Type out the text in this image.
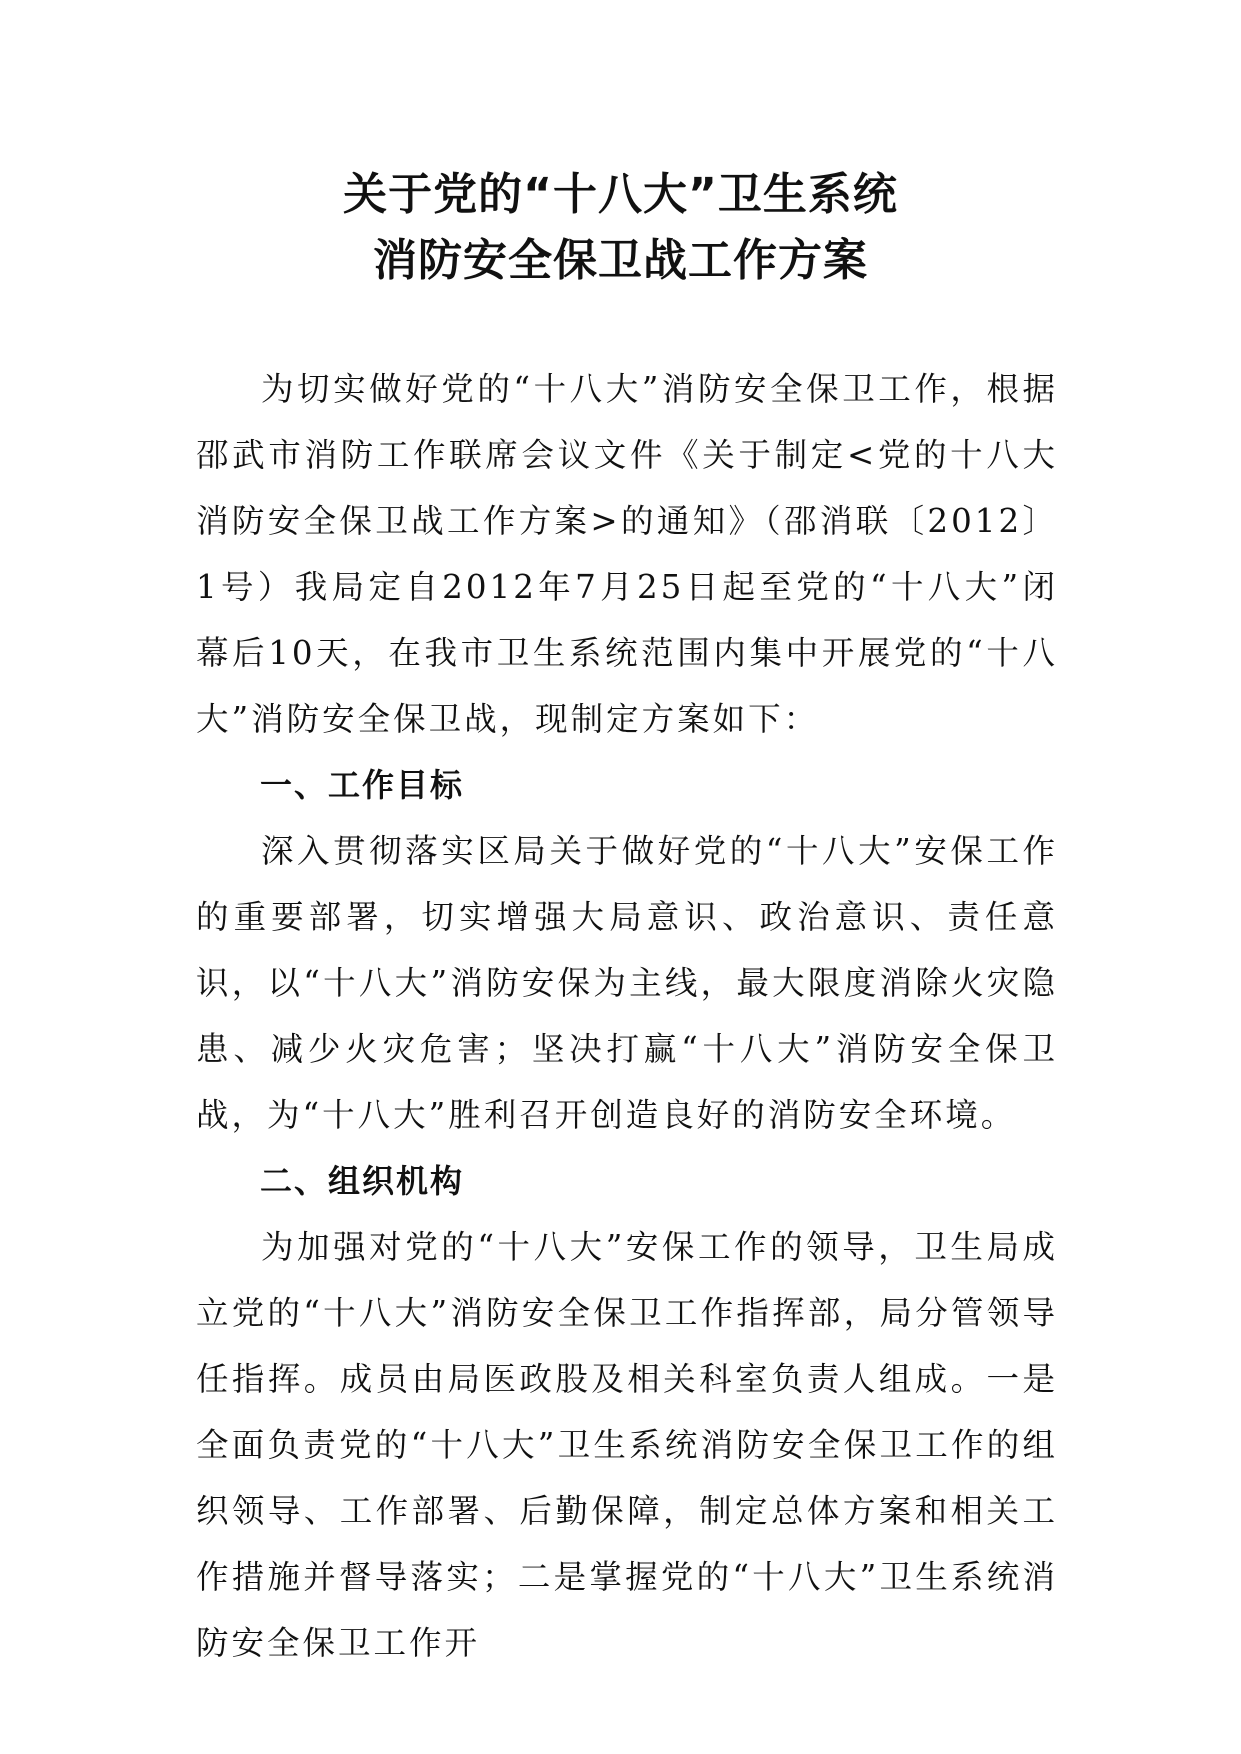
关于党的“十八大”卫生系统
消防安全保卫战工作方案

为切实做好党的“十八大”消防安全保卫工作，根据邵武市消防工作联席会议文件《关于制定<党的十八大消防安全保卫战工作方案>的通知》（邵消联〔2012〕1号）我局定自2012年7月25日起至党的“十八大”闭幕后10天，在我市卫生系统范围内集中开展党的“十八大”消防安全保卫战，现制定方案如下：

一、工作目标

深入贯彻落实区局关于做好党的“十八大”安保工作的重要部署，切实增强大局意识、政治意识、责任意识，以“十八大”消防安保为主线，最大限度消除火灾隐患、减少火灾危害；坚决打赢“十八大”消防安全保卫战，为“十八大”胜利召开创造良好的消防安全环境。

二、组织机构

为加强对党的“十八大”安保工作的领导，卫生局成立党的“十八大”消防安全保卫工作指挥部，局分管领导任指挥。成员由局医政股及相关科室负责人组成。一是全面负责党的“十八大”卫生系统消防安全保卫工作的组织领导、工作部署、后勤保障，制定总体方案和相关工作措施并督导落实；二是掌握党的“十八大”卫生系统消防安全保卫工作开
